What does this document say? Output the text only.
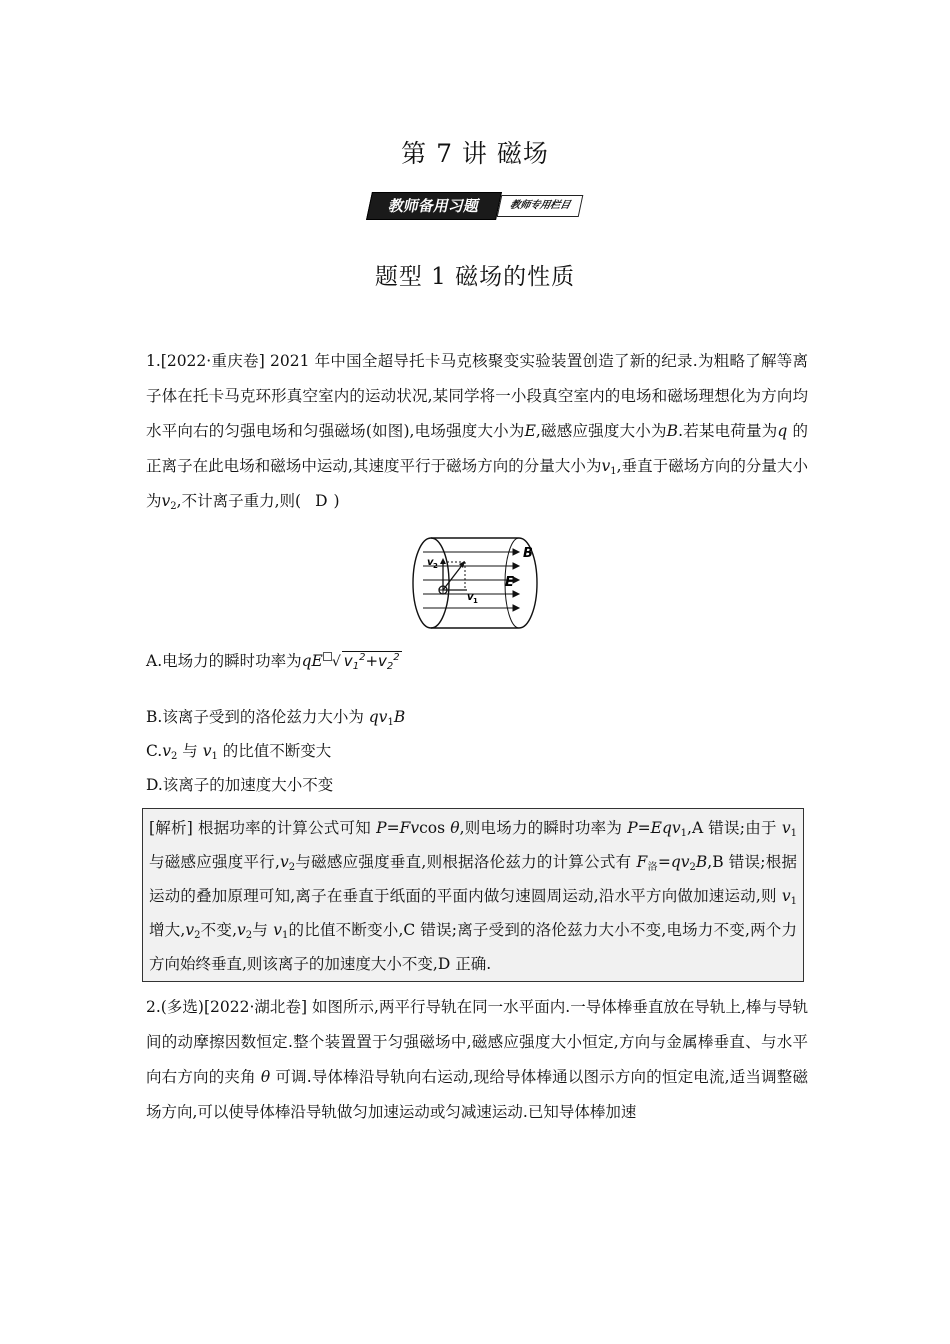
第 7 讲 磁场
教师备用习题	教师专用栏目
题型 1 磁场的性质
1.[2022·重庆卷] 2021 年中国全超导托卡马克核聚变实验装置创造了新的纪录.为粗略了解等离子体在托卡马克环形真空室内的运动状况,某同学将一小段真空室内的电场和磁场理想化为方向均水平向右的匀强电场和匀强磁场(如图),电场强度大小为E,磁感应强度大小为B.若某电荷量为q 的正离子在此电场和磁场中运动,其速度平行于磁场方向的分量大小为$v_1$,垂直于磁场方向的分量大小为$v_2$,不计离子重力,则( D )
B
E
v 2
v 1
A.电场力的瞬时功率为qE √ $v_1^2+v_2^2$
B.该离子受到的洛伦兹力大小为 $qv_1B$
$C.v_2$ 与 $v_1$ 的比值不断变大
D.该离子的加速度大小不变
[解析] 根据功率的计算公式可知 P=Fvcos θ,则电场力的瞬时功率为 P=Eqv$_1$,A 错误;由于 $v_1$与磁感应强度平行$,v_2$与磁感应强度垂直,则根据洛伦兹力的计算公式有 $F_洛=qv_2B,B$ 错误;根据运动的叠加原理可知,离子在垂直于纸面的平面内做匀速圆周运动,沿水平方向做加速运动,则 $v_1$增大$,v_2$不变$,v_2$与 $v_1$的比值不断变小,C 错误;离子受到的洛伦兹力大小不变,电场力不变,两个力方向始终垂直,则该离子的加速度大小不变,D 正确.
2.(多选)[2022·湖北卷] 如图所示,两平行导轨在同一水平面内.一导体棒垂直放在导轨上,棒与导轨间的动摩擦因数恒定.整个装置置于匀强磁场中,磁感应强度大小恒定,方向与金属棒垂直、与水平向右方向的夹角 θ 可调.导体棒沿导轨向右运动,现给导体棒通以图示方向的恒定电流,适当调整磁场方向,可以使导体棒沿导轨做匀加速运动或匀减速运动.已知导体棒加速
